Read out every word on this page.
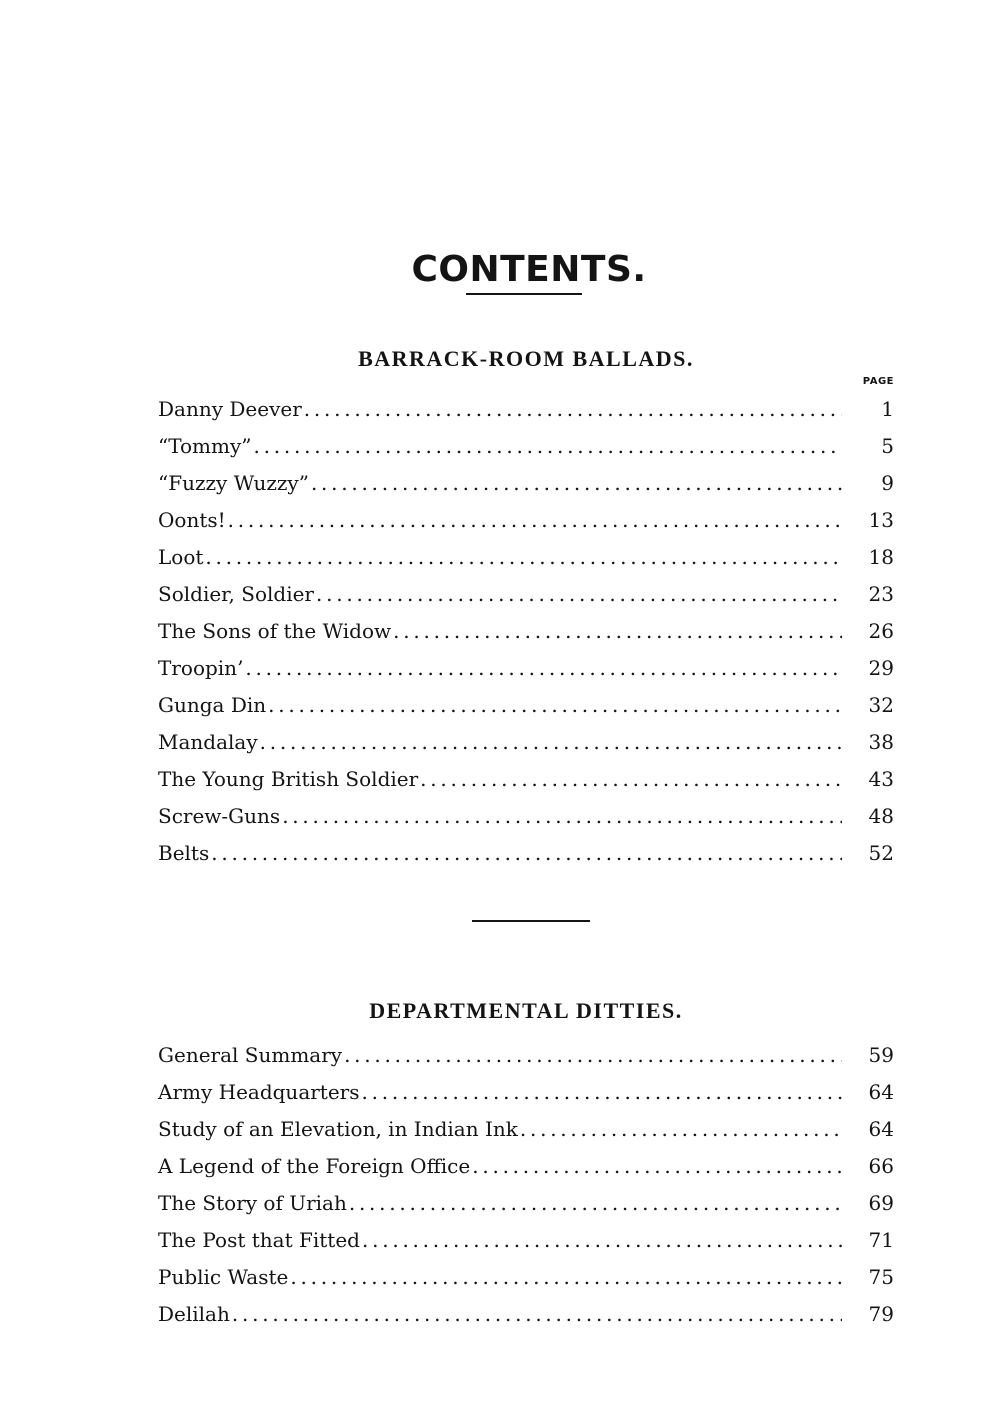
CONTENTS.
BARRACK-ROOM BALLADS.
PAGE
Danny Deever . . .	1
“Tommy” . . .	5
“Fuzzy Wuzzy” . . .	9
Oonts! . . .	13
Loot . . .	18
Soldier, Soldier . . .	23
The Sons of the Widow . . .	26
Troopin’ . . .	29
Gunga Din . . .	32
Mandalay . . .	38
The Young British Soldier . . .	43
Screw-Guns . . .	48
Belts . . .	52
DEPARTMENTAL DITTIES.
General Summary . . .	59
Army Headquarters . . .	64
Study of an Elevation, in Indian Ink . . .	64
A Legend of the Foreign Office . . .	66
The Story of Uriah . . .	69
The Post that Fitted . . .	71
Public Waste . . .	75
Delilah . . .	79
